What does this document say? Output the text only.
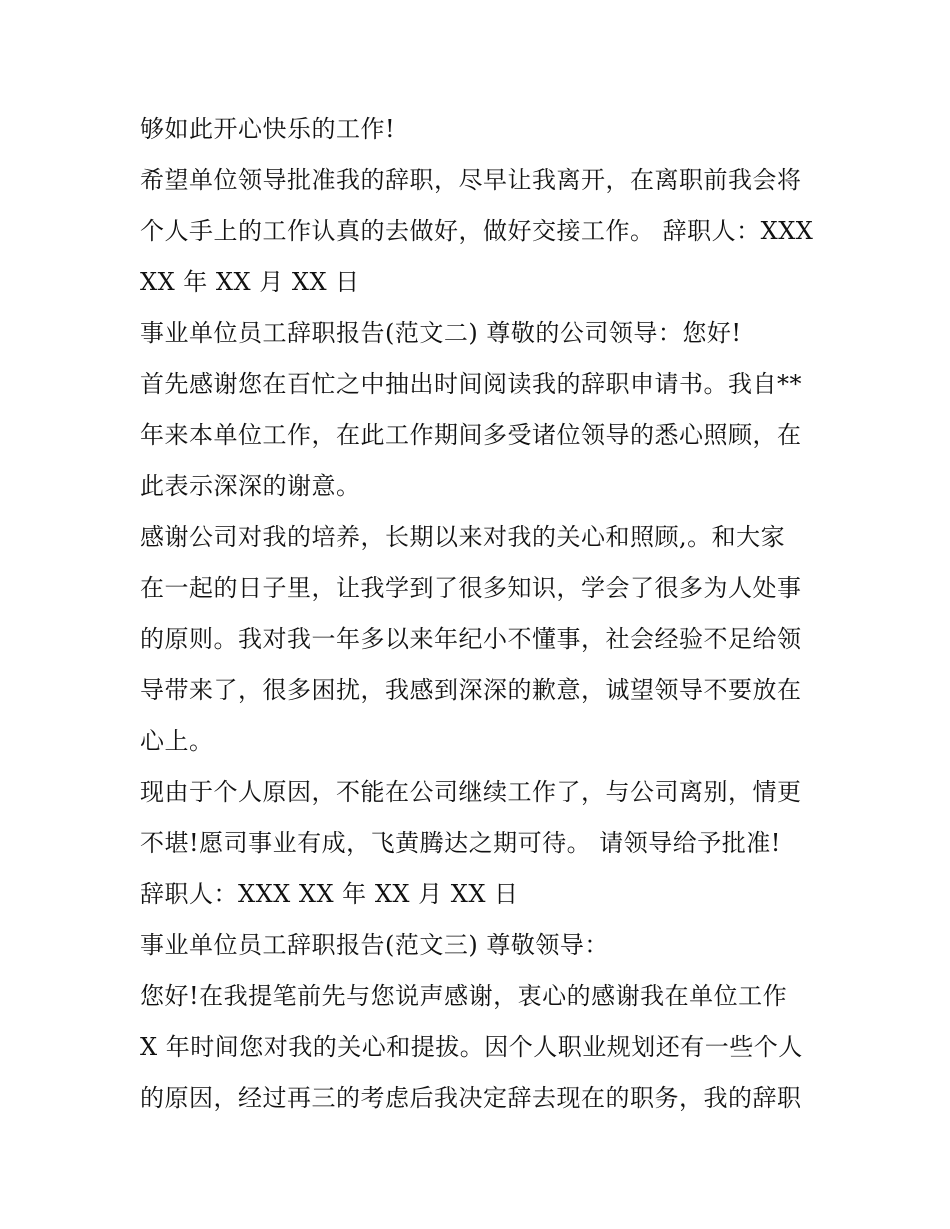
够如此开心快乐的工作!
希望单位领导批准我的辞职，尽早让我离开，在离职前我会将
个人手上的工作认真的去做好，做好交接工作。 辞职人：XXX
XX 年 XX 月 XX 日
事业单位员工辞职报告(范文二) 尊敬的公司领导：您好!
首先感谢您在百忙之中抽出时间阅读我的辞职申请书。我自**
年来本单位工作，在此工作期间多受诸位领导的悉心照顾，在
此表示深深的谢意。
感谢公司对我的培养，长期以来对我的关心和照顾,。和大家
在一起的日子里，让我学到了很多知识，学会了很多为人处事
的原则。我对我一年多以来年纪小不懂事，社会经验不足给领
导带来了，很多困扰，我感到深深的歉意，诚望领导不要放在
心上。
现由于个人原因，不能在公司继续工作了，与公司离别，情更
不堪!愿司事业有成，飞黄腾达之期可待。 请领导给予批准!
辞职人：XXX XX 年 XX 月 XX 日
事业单位员工辞职报告(范文三) 尊敬领导：
您好!在我提笔前先与您说声感谢，衷心的感谢我在单位工作
X 年时间您对我的关心和提拔。因个人职业规划还有一些个人
的原因，经过再三的考虑后我决定辞去现在的职务，我的辞职
